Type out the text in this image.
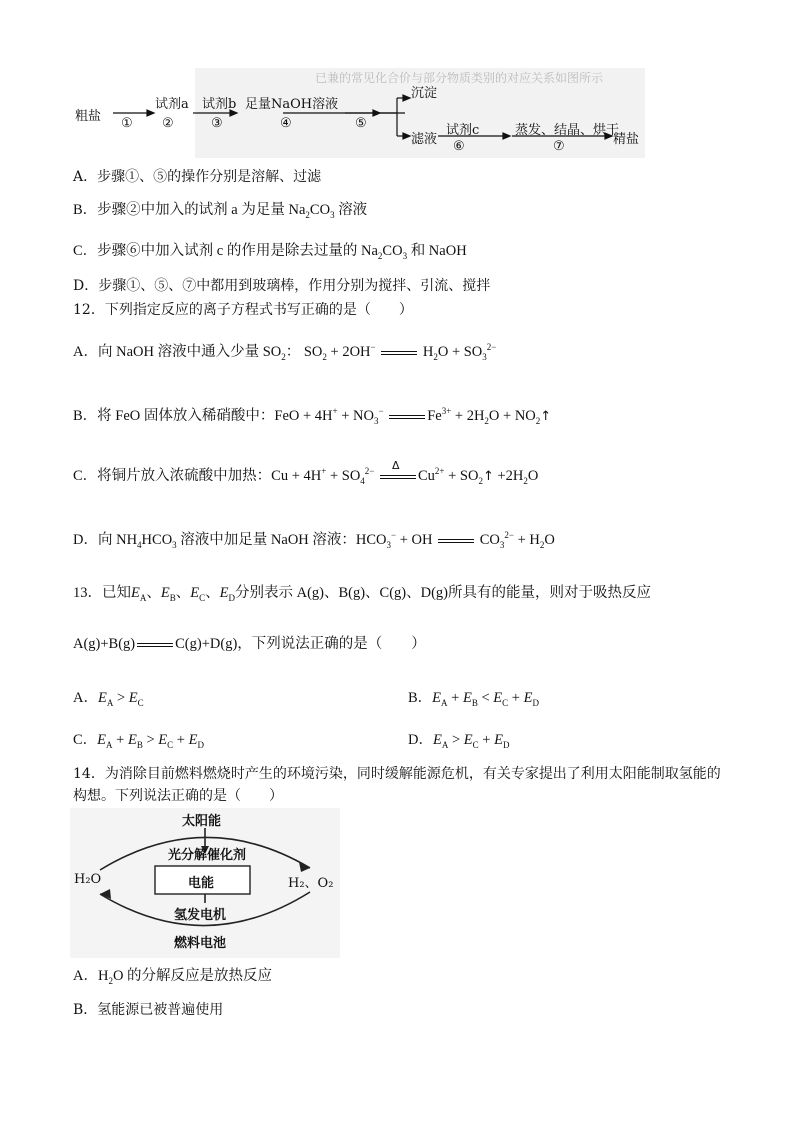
已兼的常见化合价与部分物质类别的对应关系如图所示
粗盐 ①
试剂a
②
试剂b
③
足量NaOH溶液
④	⑤
沉淀
滤液
试剂c
⑥
蒸发、结晶、烘干
⑦	精盐
A．步骤①、⑤的操作分别是溶解、过滤
B．步骤②中加入的试剂 a 为足量 $Na_2CO_3$ 溶液
C．步骤⑥中加入试剂 c 的作用是除去过量的 $Na_2CO_3$ 和 NaOH
D．步骤①、⑤、⑦中都用到玻璃棒，作用分别为搅拌、引流、搅拌
12．下列指定反应的离子方程式书写正确的是（　　）
A．向 NaOH 溶液中通入少量 $SO_2$： $SO_2 + 2OH^-$	$H_2O + SO_3^{2-}$
B．将 FeO 固体放入稀硝酸中：FeO + $4H^+ + NO_3^-$	$Fe^{3+} + 2H_2O$ + $NO_2↑$
C．将铜片放入浓硫酸中加热：$Cu + 4H^+ + SO_4^{2-}$ Δ
$Cu^{2+}$ + $SO_2↑ +2H_2O$
D．向 $NH_4HCO_3$ 溶液中加足量 NaOH 溶液：$HCO_3^-$ + OH	$CO_3^{2-} + H_2O$
13．已知$E_A$、$E_B$、$E_C$、$E_D$分别表示 A(g)、B(g)、C(g)、D(g)所具有的能量，则对于吸热反应
A(g)+B(g)	C(g)+D(g)，下列说法正确的是（　　）
A．$E_A > E_C$	B．$E_A + E_B < E_C + E_D$
C．$E_A + E_B > E_C + E_D$	D．$E_A > E_C + E_D$
14．为消除目前燃料燃烧时产生的环境污染，同时缓解能源危机，有关专家提出了利用太阳能制取氢能的
构想。下列说法正确的是（　　）
太阳能
光分解催化剂
电能
H₂O	H₂、O₂
氢发电机
燃料电池
A．$H_2O$ 的分解反应是放热反应
B．氢能源已被普遍使用
